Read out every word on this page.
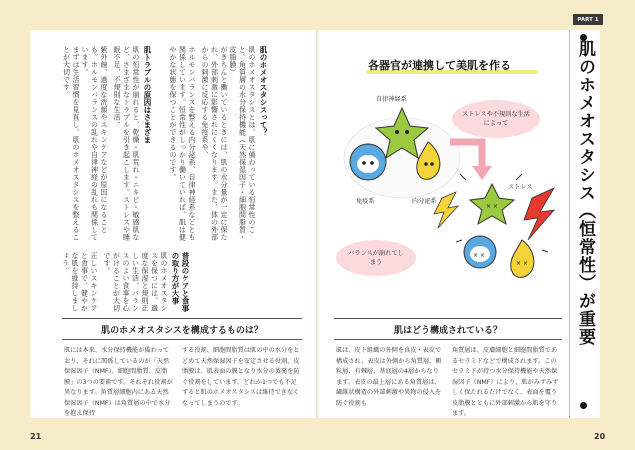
肌のホメオスタシスって？
肌のホメオスタシスとは、肌に備わっている恒常性のこと。角質層の水分保持機能（天然保湿因子・細胞間脂質・皮脂膜）
がきちんと働いているときには、肌の水分量が一定に保たれ、外部刺激に影響されにくくなります。また、体の外部からの刺激に反応する免疫系や、
ホルモンバランスを整える内分泌系、自律神経系などとも関係しています。恒常性がしっかり働いていれば、肌は健やかな状態を保つことができるのです。
肌トラブルの原因はさまざま
肌の恒常性が崩れると、乾燥・肌荒れ・ニキビ・敏感肌など、さまざまなトラブルを引き起こします。ストレスや睡眠不足、不規則な生活、
紫外線、過度な洗顔やスキンケアなどが原因になることも。ホルモンバランスの乱れや自律神経の乱れも関係しています。
まずは生活習慣を見直し、肌のホメオスタシスを整えることが大切です。
普段のケアと食事の取り方が大事
肌のホメオスタシスを保つには、適度な保湿と規則正しい生活、バランスのよい食事を心がけることが大切です。
正しいスキンケアと食事で、健やかな肌を維持しましょう。
肌のホメオスタシスを構成するものは？
肌には本来、水分保持機能が備わっており、それに関係しているのが「天然保湿因子（NMF）、細胞間脂質、皮脂膜」の3つの要素です。それぞれ役割が異なります。角質層細胞内にある天然保湿因子（NMF）は角質層の中で水分を抱え保持
する役割、細胞間脂質は肌の中の水分をとどめて天然保湿因子を安定させる役割、皮脂膜は、肌表面の膜となり水分の蒸発を防ぐ役割をしています。どれか1つでも不足すると肌のホメオスタシスは維持できなくなってしまうのです。
21
PART 1
肌のホメオスタシス（恒常性）が重要
各器官が連携して美肌を作る
× ×
× ×
× ×
自律神経系
免疫系	内分泌系
ストレス
ストレスや不規則な生活によって
バランスが崩れてしまう
肌はどう構成されている？
肌は、皮下組織の外側を真皮・表皮で構成され、表皮は外側から角質層、顆粒層、有棘層、基底層の4層からなります。表皮の最上層にある角質層は、繊維状構造の外部刺激や異物の侵入を防ぐ役割も
角質層は、皮膚細胞と細胞間脂質であるセラミドなどで構成されます。このセラミドが持つ水分保持機能や天然保湿因子（NMF）により、肌がみずみずしく保たれるだけでなく、表面を覆う皮脂膜とともに外部刺激から肌を守ります。
20
